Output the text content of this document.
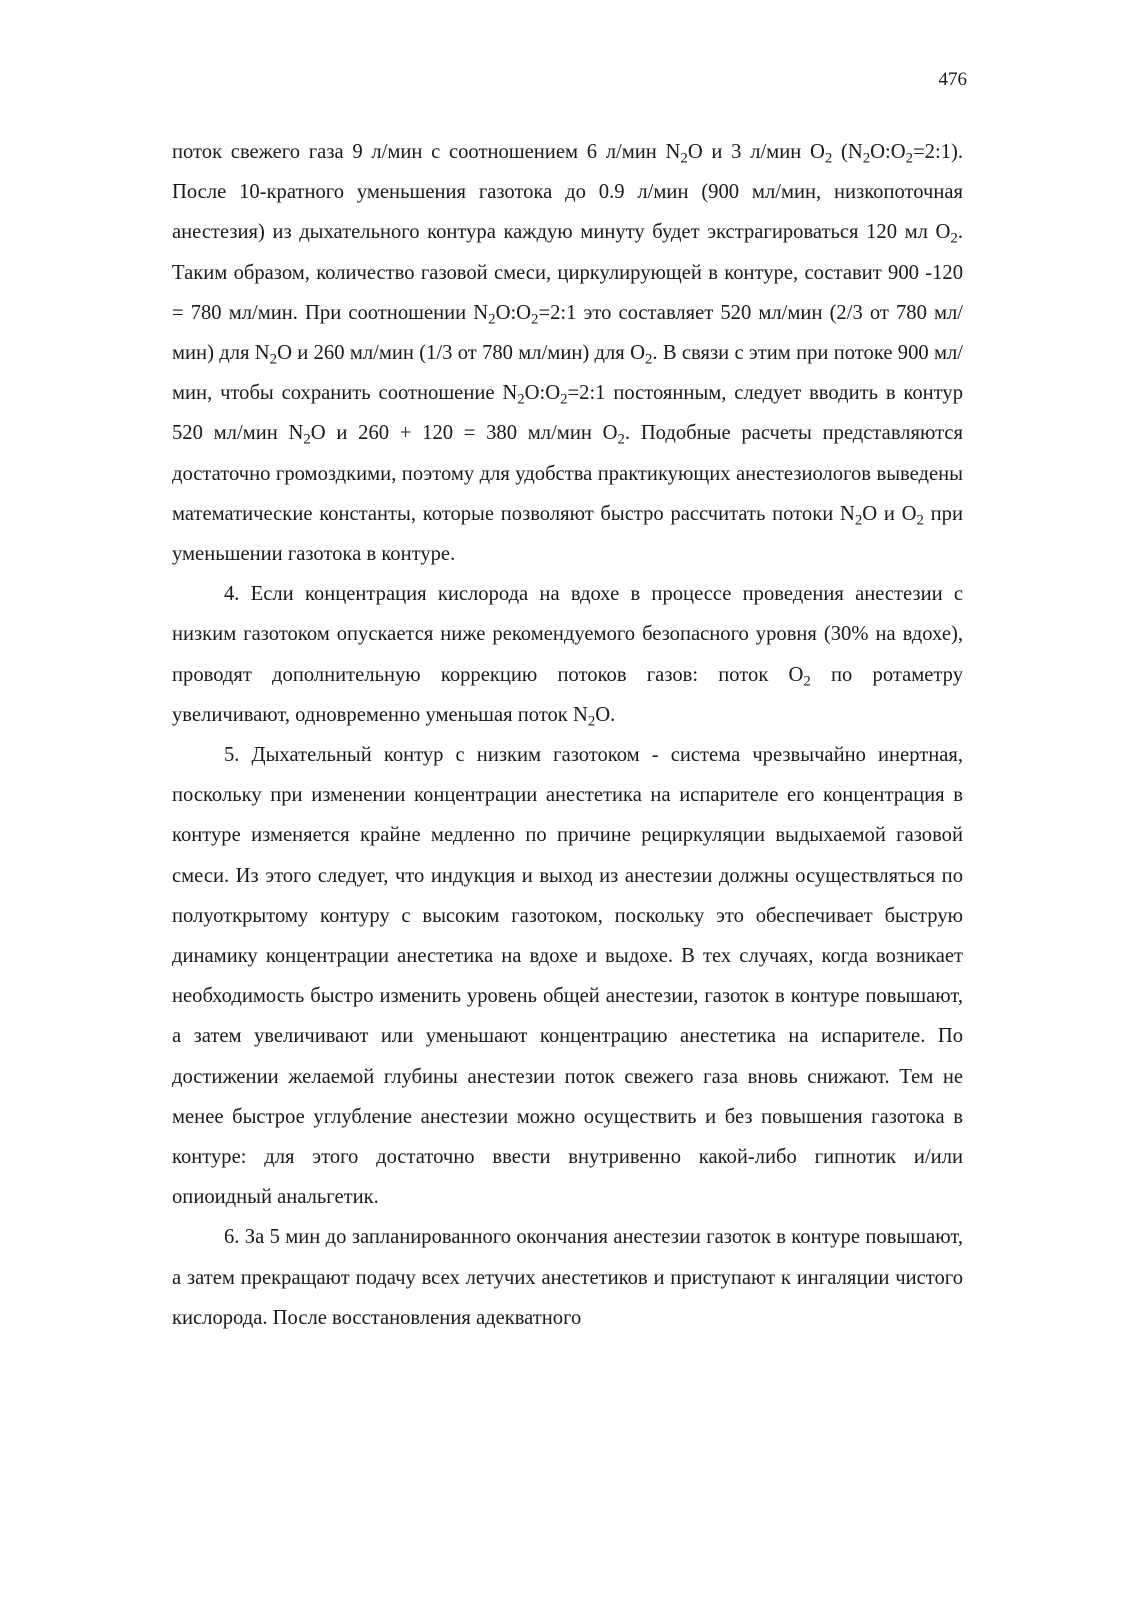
476

поток свежего газа 9 л/мин с соотношением 6 л/мин $N_2O$ и 3 л/мин $O_2$ $(N_2O:O_2=2:1)$. После 10-кратного уменьшения газотока до 0.9 л/мин (900 мл/мин, низкопоточная анестезия) из дыхательного контура каждую минуту будет экстрагироваться 120 мл $O_2$. Таким образом, количество газовой смеси, циркулирующей в контуре, составит 900 -120 = 780 мл/мин. При соотношении $N_2O:O_2=2:1$ это составляет 520 мл/мин (2/3 от 780 мл/мин) для $N_2O$ и 260 мл/мин (1/3 от 780 мл/мин) для $O_2$. В связи с этим при потоке 900 мл/мин, чтобы сохранить соотношение $N_2O:O_2=2:1$ постоянным, следует вводить в контур 520 мл/мин $N_2O$ и 260 + 120 = 380 мл/мин $O_2$. Подобные расчеты представляются достаточно громоздкими, поэтому для удобства практикующих анестезиологов выведены математические константы, которые позволяют быстро рассчитать потоки $N_2O$ и $O_2$ при уменьшении газотока в контуре.

4. Если концентрация кислорода на вдохе в процессе проведения анестезии с низким газотоком опускается ниже рекомендуемого безопасного уровня (30% на вдохе), проводят дополнительную коррекцию потоков газов: поток $O_2$ по ротаметру увеличивают, одновременно уменьшая поток $N_2O$.

5. Дыхательный контур с низким газотоком - система чрезвычайно инертная, поскольку при изменении концентрации анестетика на испарителе его концентрация в контуре изменяется крайне медленно по причине рециркуляции выдыхаемой газовой смеси. Из этого следует, что индукция и выход из анестезии должны осуществляться по полуоткрытому контуру с высоким газотоком, поскольку это обеспечивает быструю динамику концентрации анестетика на вдохе и выдохе. В тех случаях, когда возникает необходимость быстро изменить уровень общей анестезии, газоток в контуре повышают, а затем увеличивают или уменьшают концентрацию анестетика на испарителе. По достижении желаемой глубины анестезии поток свежего газа вновь снижают. Тем не менее быстрое углубление анестезии можно осуществить и без повышения газотока в контуре: для этого достаточно ввести внутривенно какой-либо гипнотик и/или опиоидный анальгетик.

6. За 5 мин до запланированного окончания анестезии газоток в контуре повышают, а затем прекращают подачу всех летучих анестетиков и приступают к ингаляции чистого кислорода. После восстановления адекватного
